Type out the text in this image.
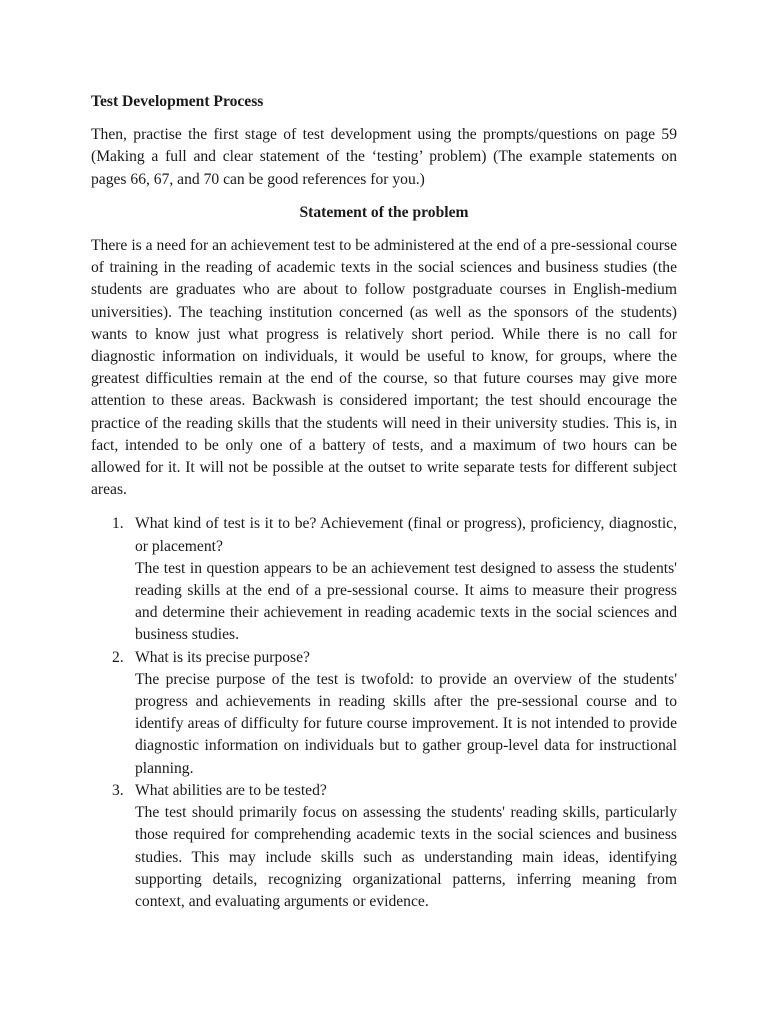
Test Development Process

Then, practise the first stage of test development using the prompts/questions on page 59 (Making a full and clear statement of the ‘testing’ problem) (The example statements on pages 66, 67, and 70 can be good references for you.)

Statement of the problem

There is a need for an achievement test to be administered at the end of a pre-sessional course of training in the reading of academic texts in the social sciences and business studies (the students are graduates who are about to follow postgraduate courses in English-medium universities). The teaching institution concerned (as well as the sponsors of the students) wants to know just what progress is relatively short period. While there is no call for diagnostic information on individuals, it would be useful to know, for groups, where the greatest difficulties remain at the end of the course, so that future courses may give more attention to these areas. Backwash is considered important; the test should encourage the practice of the reading skills that the students will need in their university studies. This is, in fact, intended to be only one of a battery of tests, and a maximum of two hours can be allowed for it. It will not be possible at the outset to write separate tests for different subject areas.

1. What kind of test is it to be? Achievement (final or progress), proficiency, diagnostic, or placement?
The test in question appears to be an achievement test designed to assess the students' reading skills at the end of a pre-sessional course. It aims to measure their progress and determine their achievement in reading academic texts in the social sciences and business studies.
2. What is its precise purpose?
The precise purpose of the test is twofold: to provide an overview of the students' progress and achievements in reading skills after the pre-sessional course and to identify areas of difficulty for future course improvement. It is not intended to provide diagnostic information on individuals but to gather group-level data for instructional planning.
3. What abilities are to be tested?
The test should primarily focus on assessing the students' reading skills, particularly those required for comprehending academic texts in the social sciences and business studies. This may include skills such as understanding main ideas, identifying supporting details, recognizing organizational patterns, inferring meaning from context, and evaluating arguments or evidence.
